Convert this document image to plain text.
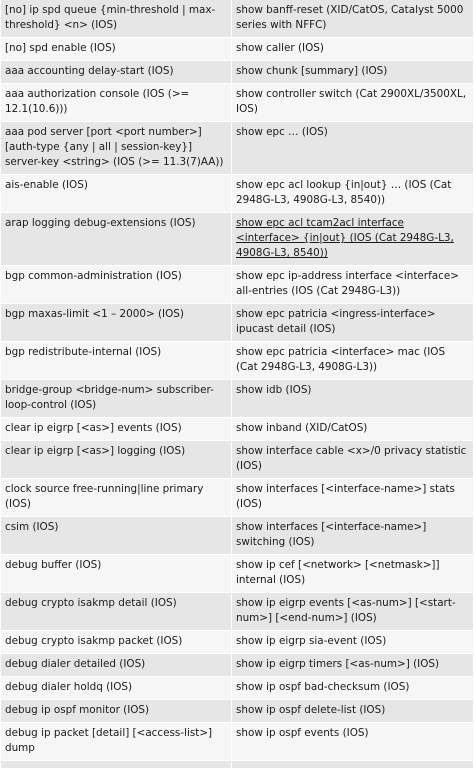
[no] ip spd queue {min-threshold | max-threshold} <n> (IOS)	show banff-reset (XID/CatOS, Catalyst 5000 series with NFFC)
[no] spd enable (IOS)	show caller (IOS)
aaa accounting delay-start (IOS)	show chunk [summary] (IOS)
aaa authorization console (IOS (>= 12.1(10.6)))	show controller switch (Cat 2900XL/3500XL, IOS)
aaa pod server [port <port number>] [auth-type {any | all | session-key}] server-key <string> (IOS (>= 11.3(7)AA))	show epc … (IOS)
ais-enable (IOS)	show epc acl lookup {in|out} … (IOS (Cat 2948G-L3, 4908G-L3, 8540))
arap logging debug-extensions (IOS)	show epc acl tcam2acl interface <interface> {in|out} (IOS (Cat 2948G-L3, 4908G-L3, 8540))
bgp common-administration (IOS)	show epc ip-address interface <interface> all-entries (IOS (Cat 2948G-L3))
bgp maxas-limit <1 – 2000> (IOS)	show epc patricia <ingress-interface> ipucast detail (IOS)
bgp redistribute-internal (IOS)	show epc patricia <interface> mac (IOS (Cat 2948G-L3, 4908G-L3))
bridge-group <bridge-num> subscriber-loop-control (IOS)	show idb (IOS)
clear ip eigrp [<as>] events (IOS)	show inband (XID/CatOS)
clear ip eigrp [<as>] logging (IOS)	show interface cable <x>/0 privacy statistic (IOS)
clock source free-running|line primary (IOS)	show interfaces [<interface-name>] stats (IOS)
csim (IOS)	show interfaces [<interface-name>] switching (IOS)
debug buffer (IOS)	show ip cef [<network> [<netmask>]] internal (IOS)
debug crypto isakmp detail (IOS)	show ip eigrp events [<as-num>] [<start-num>] [<end-num>] (IOS)
debug crypto isakmp packet (IOS)	show ip eigrp sia-event (IOS)
debug dialer detailed (IOS)	show ip eigrp timers [<as-num>] (IOS)
debug dialer holdq (IOS)	show ip ospf bad-checksum (IOS)
debug ip ospf monitor (IOS)	show ip ospf delete-list (IOS)
debug ip packet [detail] [<access-list>] dump	show ip ospf events (IOS)
